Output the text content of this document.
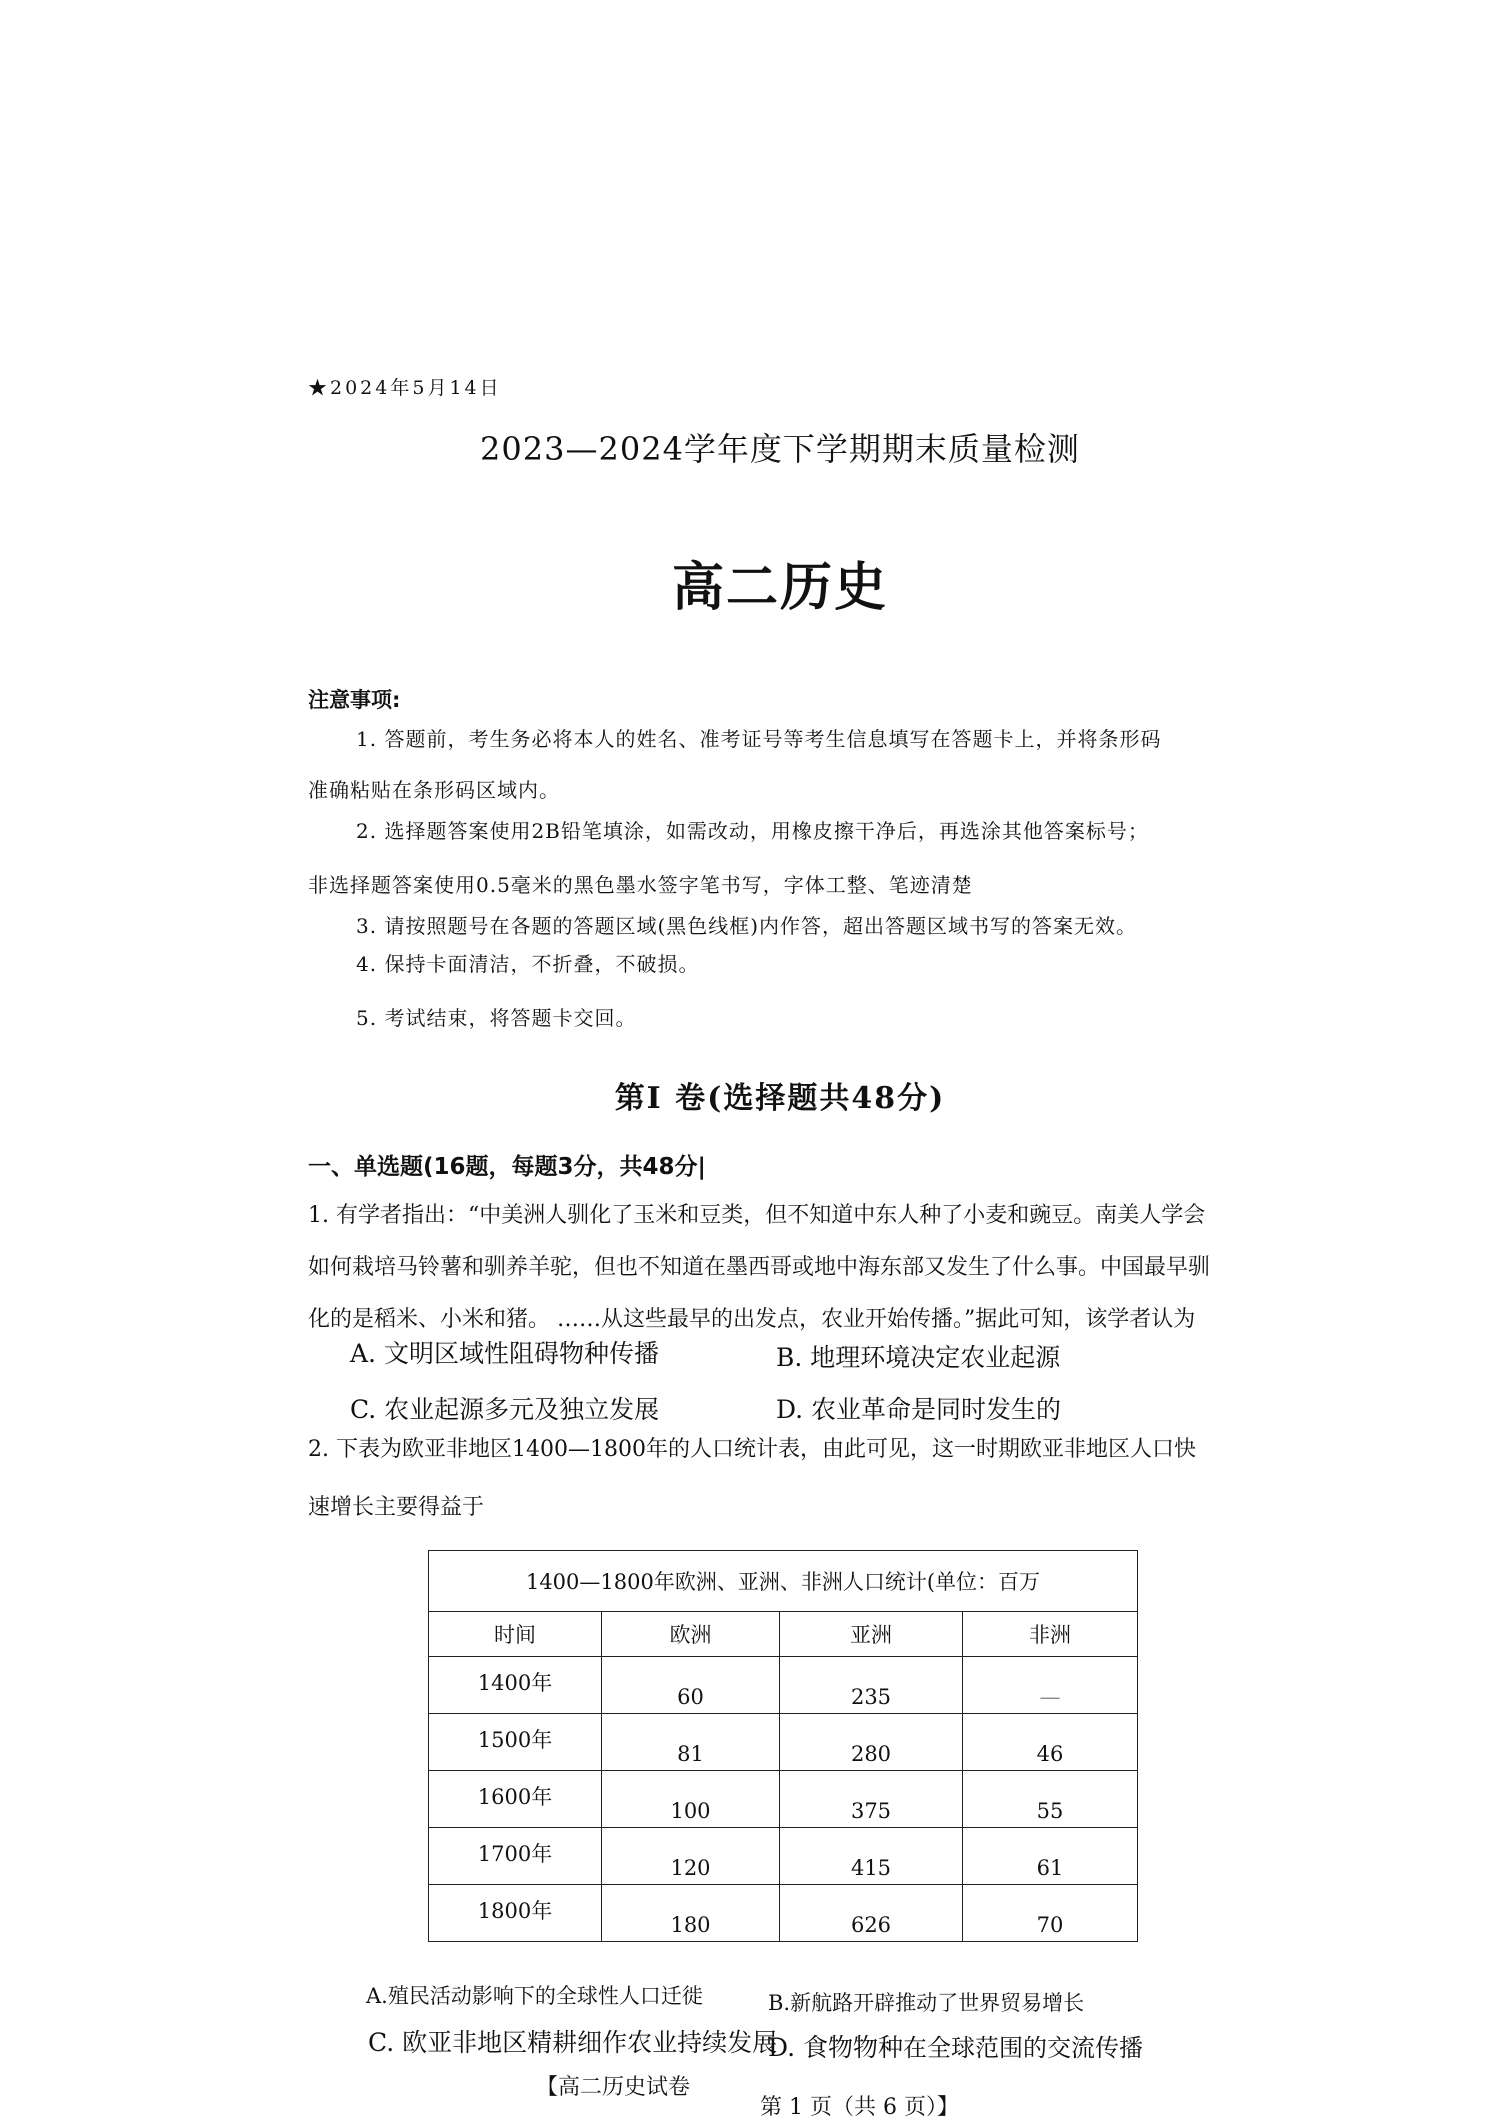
★2024年5月14日
2023—2024学年度下学期期末质量检测
高二历史
注意事项:
1. 答题前，考生务必将本人的姓名、准考证号等考生信息填写在答题卡上，并将条形码
准确粘贴在条形码区域内。
2. 选择题答案使用2B铅笔填涂，如需改动，用橡皮擦干净后，再选涂其他答案标号；
非选择题答案使用0.5毫米的黑色墨水签字笔书写，字体工整、笔迹清楚
3. 请按照题号在各题的答题区域(黑色线框)内作答，超出答题区域书写的答案无效。
4. 保持卡面清洁，不折叠，不破损。
5. 考试结束，将答题卡交回。
第Ⅰ 卷(选择题共48分)
一、单选题(16题，每题3分，共48分|
1. 有学者指出：“中美洲人驯化了玉米和豆类，但不知道中东人种了小麦和豌豆。南美人学会
如何栽培马铃薯和驯养羊驼，但也不知道在墨西哥或地中海东部又发生了什么事。中国最早驯
化的是稻米、小米和猪。 ……从这些最早的出发点，农业开始传播。”据此可知，该学者认为
A. 文明区域性阻碍物种传播	B. 地理环境决定农业起源
C. 农业起源多元及独立发展	D. 农业革命是同时发生的
2. 下表为欧亚非地区1400—1800年的人口统计表，由此可见，这一时期欧亚非地区人口快
速增长主要得益于
1400—1800年欧洲、亚洲、非洲人口统计(单位：百万			
时间	欧洲	亚洲	非洲
1400年	60	235	—
1500年	81	280	46
1600年	100	375	55
1700年	120	415	61
1800年	180	626	70
A.殖民活动影响下的全球性人口迁徙	B.新航路开辟推动了世界贸易增长
C. 欧亚非地区精耕细作农业持续发展
D. 食物物种在全球范围的交流传播
【高二历史试卷
第 1 页（共 6 页）】
